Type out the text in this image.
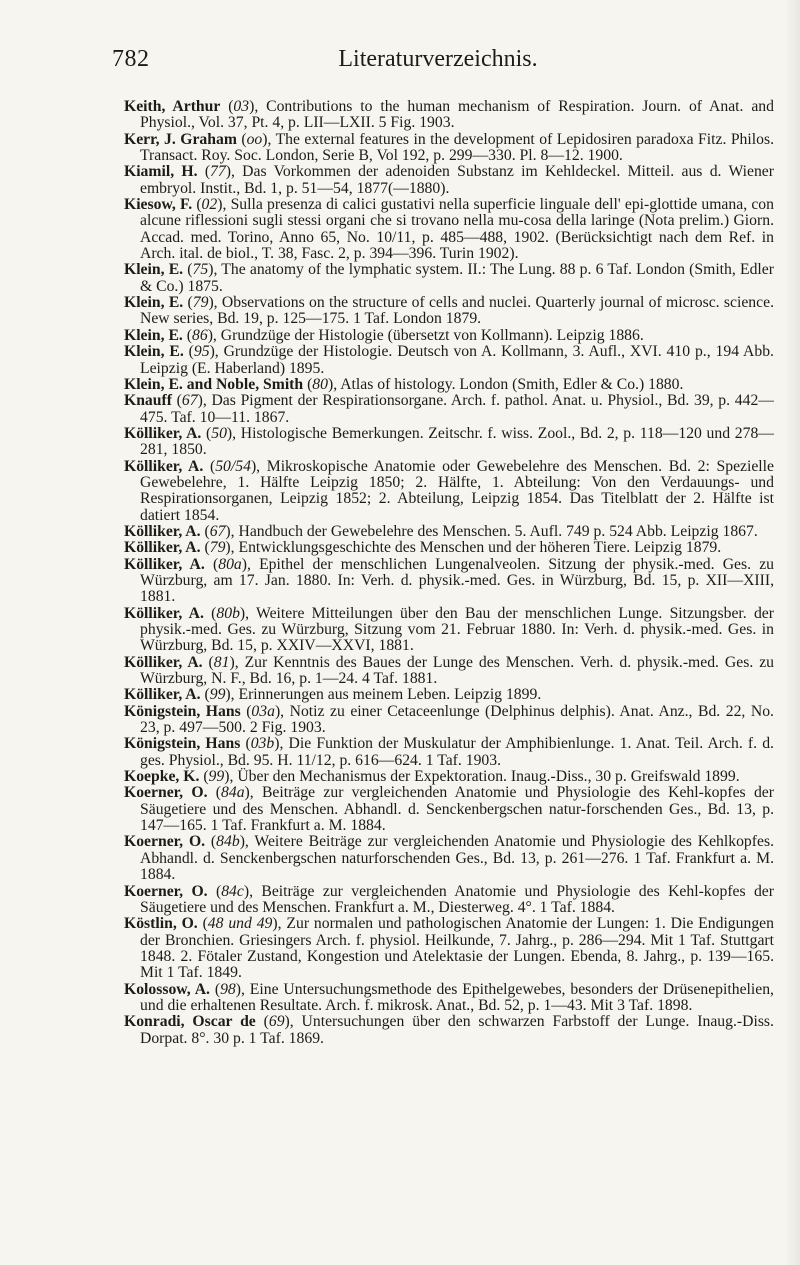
782	Literaturverzeichnis.

Keith, Arthur (03), Contributions to the human mechanism of Respiration. Journ. of Anat. and Physiol., Vol. 37, Pt. 4, p. LII—LXII. 5 Fig. 1903.

Kerr, J. Graham (oo), The external features in the development of Lepidosiren paradoxa Fitz. Philos. Transact. Roy. Soc. London, Serie B, Vol 192, p. 299—330. Pl. 8—12. 1900.

Kiamil, H. (77), Das Vorkommen der adenoiden Substanz im Kehldeckel. Mitteil. aus d. Wiener embryol. Instit., Bd. 1, p. 51—54, 1877(—1880).

Kiesow, F. (02), Sulla presenza di calici gustativi nella superficie linguale dell' epi-glottide umana, con alcune riflessioni sugli stessi organi che si trovano nella mu-cosa della laringe (Nota prelim.) Giorn. Accad. med. Torino, Anno 65, No. 10/11, p. 485—488, 1902. (Berücksichtigt nach dem Ref. in Arch. ital. de biol., T. 38, Fasc. 2, p. 394—396. Turin 1902).

Klein, E. (75), The anatomy of the lymphatic system. II.: The Lung. 88 p. 6 Taf. London (Smith, Edler & Co.) 1875.

Klein, E. (79), Observations on the structure of cells and nuclei. Quarterly journal of microsc. science. New series, Bd. 19, p. 125—175. 1 Taf. London 1879.

Klein, E. (86), Grundzüge der Histologie (übersetzt von Kollmann). Leipzig 1886.

Klein, E. (95), Grundzüge der Histologie. Deutsch von A. Kollmann, 3. Aufl., XVI. 410 p., 194 Abb. Leipzig (E. Haberland) 1895.

Klein, E. and Noble, Smith (80), Atlas of histology. London (Smith, Edler & Co.) 1880.

Knauff (67), Das Pigment der Respirationsorgane. Arch. f. pathol. Anat. u. Physiol., Bd. 39, p. 442—475. Taf. 10—11. 1867.

Kölliker, A. (50), Histologische Bemerkungen. Zeitschr. f. wiss. Zool., Bd. 2, p. 118—120 und 278—281, 1850.

Kölliker, A. (50/54), Mikroskopische Anatomie oder Gewebelehre des Menschen. Bd. 2: Spezielle Gewebelehre, 1. Hälfte Leipzig 1850; 2. Hälfte, 1. Abteilung: Von den Verdauungs- und Respirationsorganen, Leipzig 1852; 2. Abteilung, Leipzig 1854. Das Titelblatt der 2. Hälfte ist datiert 1854.

Kölliker, A. (67), Handbuch der Gewebelehre des Menschen. 5. Aufl. 749 p. 524 Abb. Leipzig 1867.

Kölliker, A. (79), Entwicklungsgeschichte des Menschen und der höheren Tiere. Leipzig 1879.

Kölliker, A. (80a), Epithel der menschlichen Lungenalveolen. Sitzung der physik.-med. Ges. zu Würzburg, am 17. Jan. 1880. In: Verh. d. physik.-med. Ges. in Würzburg, Bd. 15, p. XII—XIII, 1881.

Kölliker, A. (80b), Weitere Mitteilungen über den Bau der menschlichen Lunge. Sitzungsber. der physik.-med. Ges. zu Würzburg, Sitzung vom 21. Februar 1880. In: Verh. d. physik.-med. Ges. in Würzburg, Bd. 15, p. XXIV—XXVI, 1881.

Kölliker, A. (81), Zur Kenntnis des Baues der Lunge des Menschen. Verh. d. physik.-med. Ges. zu Würzburg, N. F., Bd. 16, p. 1—24. 4 Taf. 1881.

Kölliker, A. (99), Erinnerungen aus meinem Leben. Leipzig 1899.

Königstein, Hans (03a), Notiz zu einer Cetaceenlunge (Delphinus delphis). Anat. Anz., Bd. 22, No. 23, p. 497—500. 2 Fig. 1903.

Königstein, Hans (03b), Die Funktion der Muskulatur der Amphibienlunge. 1. Anat. Teil. Arch. f. d. ges. Physiol., Bd. 95. H. 11/12, p. 616—624. 1 Taf. 1903.

Koepke, K. (99), Über den Mechanismus der Expektoration. Inaug.-Diss., 30 p. Greifswald 1899.

Koerner, O. (84a), Beiträge zur vergleichenden Anatomie und Physiologie des Kehl-kopfes der Säugetiere und des Menschen. Abhandl. d. Senckenbergschen natur-forschenden Ges., Bd. 13, p. 147—165. 1 Taf. Frankfurt a. M. 1884.

Koerner, O. (84b), Weitere Beiträge zur vergleichenden Anatomie und Physiologie des Kehlkopfes. Abhandl. d. Senckenbergschen naturforschenden Ges., Bd. 13, p. 261—276. 1 Taf. Frankfurt a. M. 1884.

Koerner, O. (84c), Beiträge zur vergleichenden Anatomie und Physiologie des Kehl-kopfes der Säugetiere und des Menschen. Frankfurt a. M., Diesterweg. 4°. 1 Taf. 1884.

Köstlin, O. (48 und 49), Zur normalen und pathologischen Anatomie der Lungen: 1. Die Endigungen der Bronchien. Griesingers Arch. f. physiol. Heilkunde, 7. Jahrg., p. 286—294. Mit 1 Taf. Stuttgart 1848. 2. Fötaler Zustand, Kongestion und Atelektasie der Lungen. Ebenda, 8. Jahrg., p. 139—165. Mit 1 Taf. 1849.

Kolossow, A. (98), Eine Untersuchungsmethode des Epithelgewebes, besonders der Drüsenepithelien, und die erhaltenen Resultate. Arch. f. mikrosk. Anat., Bd. 52, p. 1—43. Mit 3 Taf. 1898.

Konradi, Oscar de (69), Untersuchungen über den schwarzen Farbstoff der Lunge. Inaug.-Diss. Dorpat. 8°. 30 p. 1 Taf. 1869.
